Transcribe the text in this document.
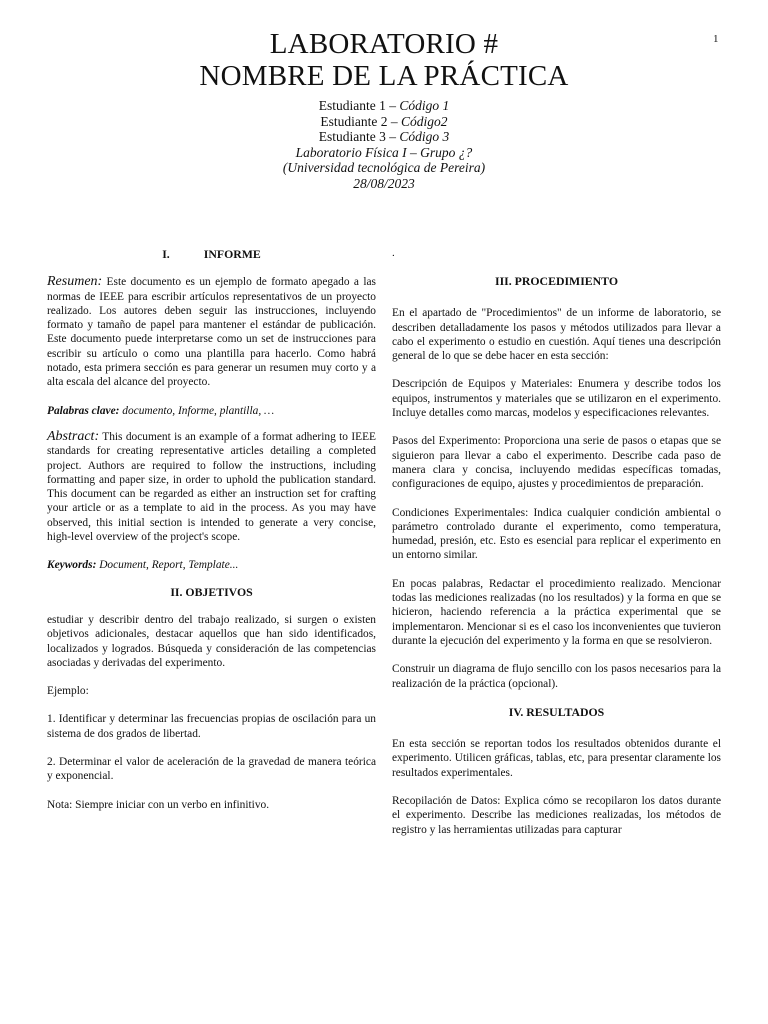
1
LABORATORIO #
NOMBRE DE LA PRÁCTICA
Estudiante 1 – Código 1
Estudiante 2 – Código2
Estudiante 3 – Código 3
Laboratorio Física I – Grupo ¿?
(Universidad tecnológica de Pereira)
28/08/2023
I.	INFORME

Resumen: Este documento es un ejemplo de formato apegado a las normas de IEEE para escribir artículos representativos de un proyecto realizado. Los autores deben seguir las instrucciones, incluyendo formato y tamaño de papel para mantener el estándar de publicación. Este documento puede interpretarse como un set de instrucciones para escribir su artículo o como una plantilla para hacerlo. Como habrá notado, esta primera sección es para generar un resumen muy corto y a alta escala del alcance del proyecto.

Palabras clave: documento, Informe, plantilla, …

Abstract: This document is an example of a format adhering to IEEE standards for creating representative articles detailing a completed project. Authors are required to follow the instructions, including formatting and paper size, in order to uphold the publication standard. This document can be regarded as either an instruction set for crafting your article or as a template to aid in the process. As you may have observed, this initial section is intended to generate a very concise, high-level overview of the project's scope.

Keywords: Document, Report, Template...

II. OBJETIVOS

estudiar y describir dentro del trabajo realizado, si surgen o existen objetivos adicionales, destacar aquellos que han sido identificados, localizados y logrados. Búsqueda y consideración de las competencias asociadas y derivadas del experimento.

Ejemplo:

1. Identificar y determinar las frecuencias propias de oscilación para un sistema de dos grados de libertad.

2. Determinar el valor de aceleración de la gravedad de manera teórica y exponencial.

Nota: Siempre iniciar con un verbo en infinitivo.

.

III. PROCEDIMIENTO

En el apartado de "Procedimientos" de un informe de laboratorio, se describen detalladamente los pasos y métodos utilizados para llevar a cabo el experimento o estudio en cuestión. Aquí tienes una descripción general de lo que se debe hacer en esta sección:

Descripción de Equipos y Materiales: Enumera y describe todos los equipos, instrumentos y materiales que se utilizaron en el experimento. Incluye detalles como marcas, modelos y especificaciones relevantes.

Pasos del Experimento: Proporciona una serie de pasos o etapas que se siguieron para llevar a cabo el experimento. Describe cada paso de manera clara y concisa, incluyendo medidas específicas tomadas, configuraciones de equipo, ajustes y procedimientos de preparación.

Condiciones Experimentales: Indica cualquier condición ambiental o parámetro controlado durante el experimento, como temperatura, humedad, presión, etc. Esto es esencial para replicar el experimento en un entorno similar.

En pocas palabras, Redactar el procedimiento realizado. Mencionar todas las mediciones realizadas (no los resultados) y la forma en que se hicieron, haciendo referencia a la práctica experimental que se implementaron. Mencionar si es el caso los inconvenientes que tuvieron durante la ejecución del experimento y la forma en que se resolvieron.

Construir un diagrama de flujo sencillo con los pasos necesarios para la realización de la práctica (opcional).

IV. RESULTADOS

En esta sección se reportan todos los resultados obtenidos durante el experimento. Utilicen gráficas, tablas, etc, para presentar claramente los resultados experimentales.

Recopilación de Datos: Explica cómo se recopilaron los datos durante el experimento. Describe las mediciones realizadas, los métodos de registro y las herramientas utilizadas para capturar
